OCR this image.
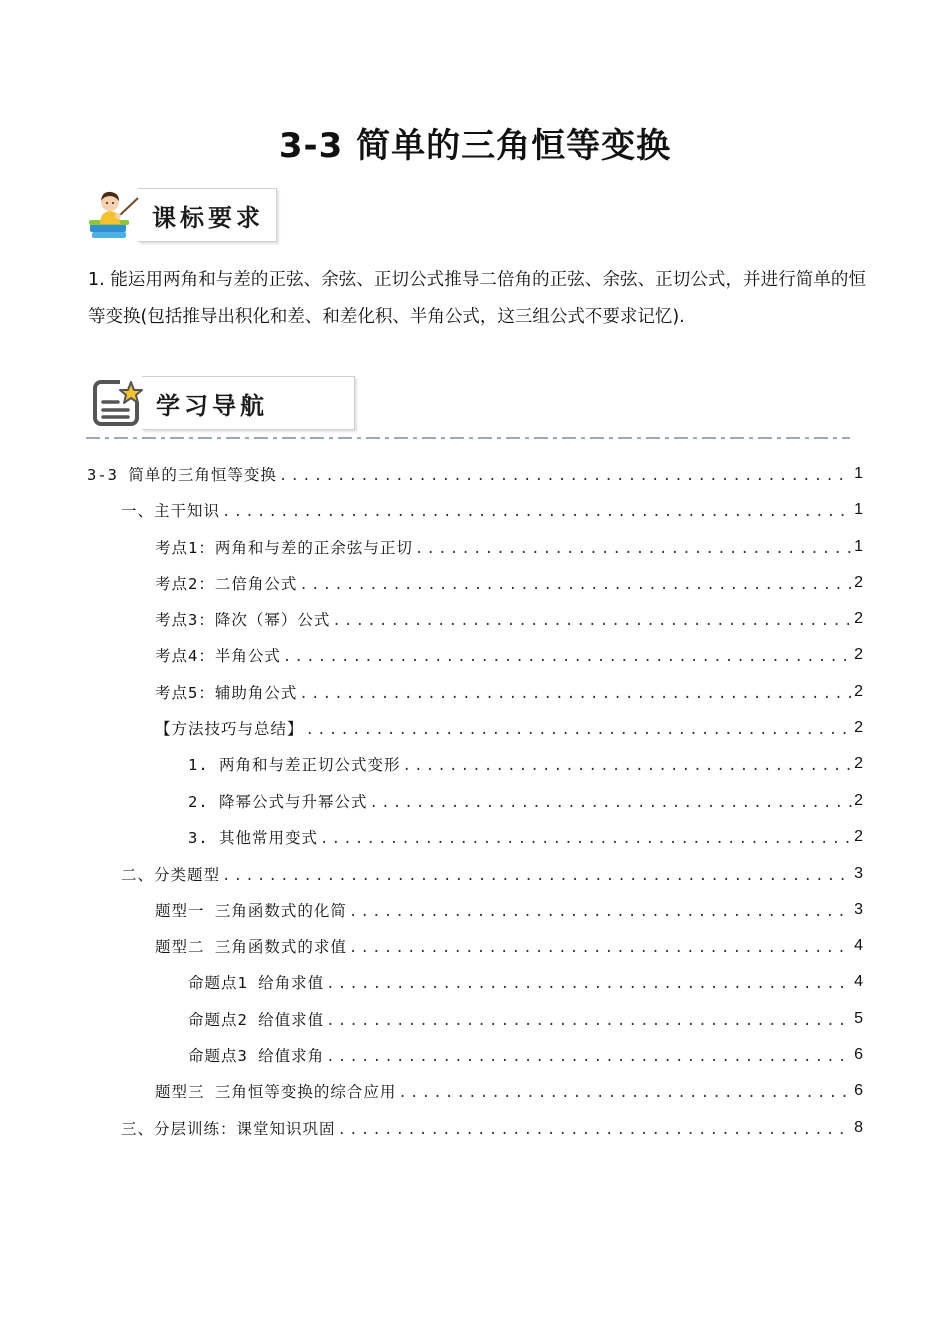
3-3 简单的三角恒等变换
课标要求

1. 能运用两角和与差的正弦、余弦、正切公式推导二倍角的正弦、余弦、正切公式，并进行简单的恒等变换(包括推导出积化和差、和差化积、半角公式，这三组公式不要求记忆).

学习导航
3-3 简单的三角恒等变换 .....	1
一、主干知识 .....	1
考点1：两角和与差的正余弦与正切 .....	1
考点2：二倍角公式 .....	2
考点3：降次（幂）公式 .....	2
考点4：半角公式 .....	2
考点5：辅助角公式 .....	2
【方法技巧与总结】 .....	2
1. 两角和与差正切公式变形 .....	2
2. 降幂公式与升幂公式 .....	2
3. 其他常用变式 .....	2
二、分类题型 .....	3
题型一 三角函数式的化简 .....	3
题型二 三角函数式的求值 .....	4
命题点1 给角求值 .....	4
命题点2 给值求值 .....	5
命题点3 给值求角 .....	6
题型三 三角恒等变换的综合应用 .....	6
三、分层训练：课堂知识巩固 .....	8
